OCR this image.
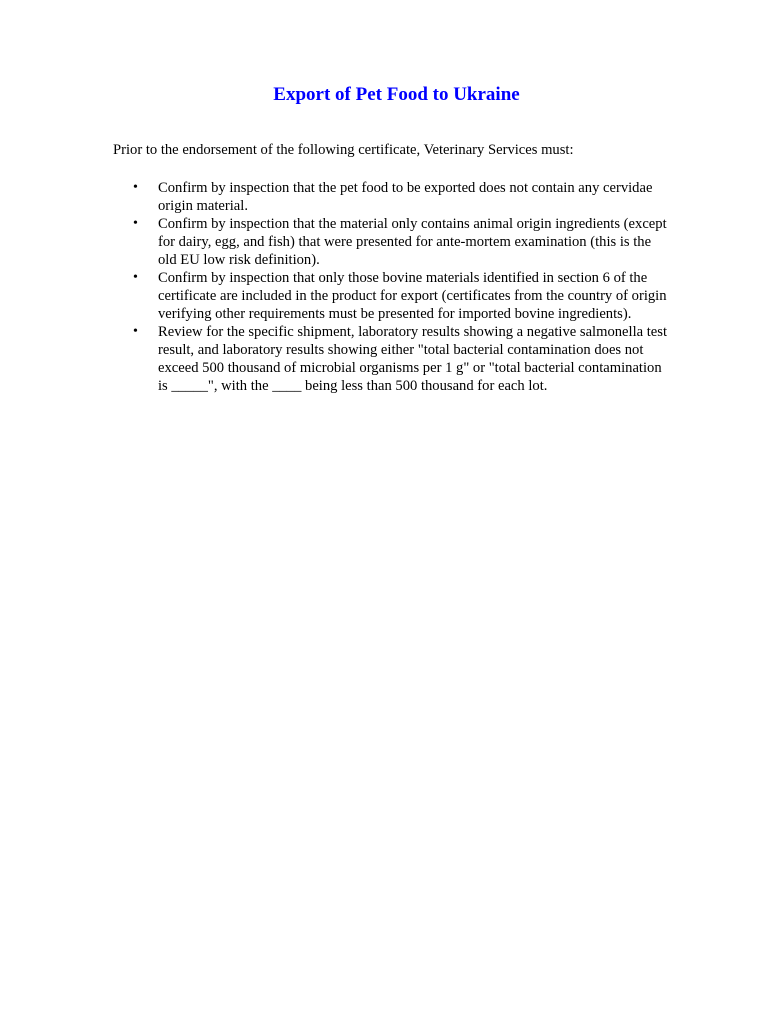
Export of Pet Food to Ukraine

Prior to the endorsement of the following certificate, Veterinary Services must:

• Confirm by inspection that the pet food to be exported does not contain any cervidae origin material.
• Confirm by inspection that the material only contains animal origin ingredients (except for dairy, egg, and fish) that were presented for ante-mortem examination (this is the old EU low risk definition).
• Confirm by inspection that only those bovine materials identified in section 6 of the certificate are included in the product for export (certificates from the country of origin verifying other requirements must be presented for imported bovine ingredients).
• Review for the specific shipment, laboratory results showing a negative salmonella test result, and laboratory results showing either "total bacterial contamination does not exceed 500 thousand of microbial organisms per 1 g" or "total bacterial contamination is _____", with the ____ being less than 500 thousand for each lot.
